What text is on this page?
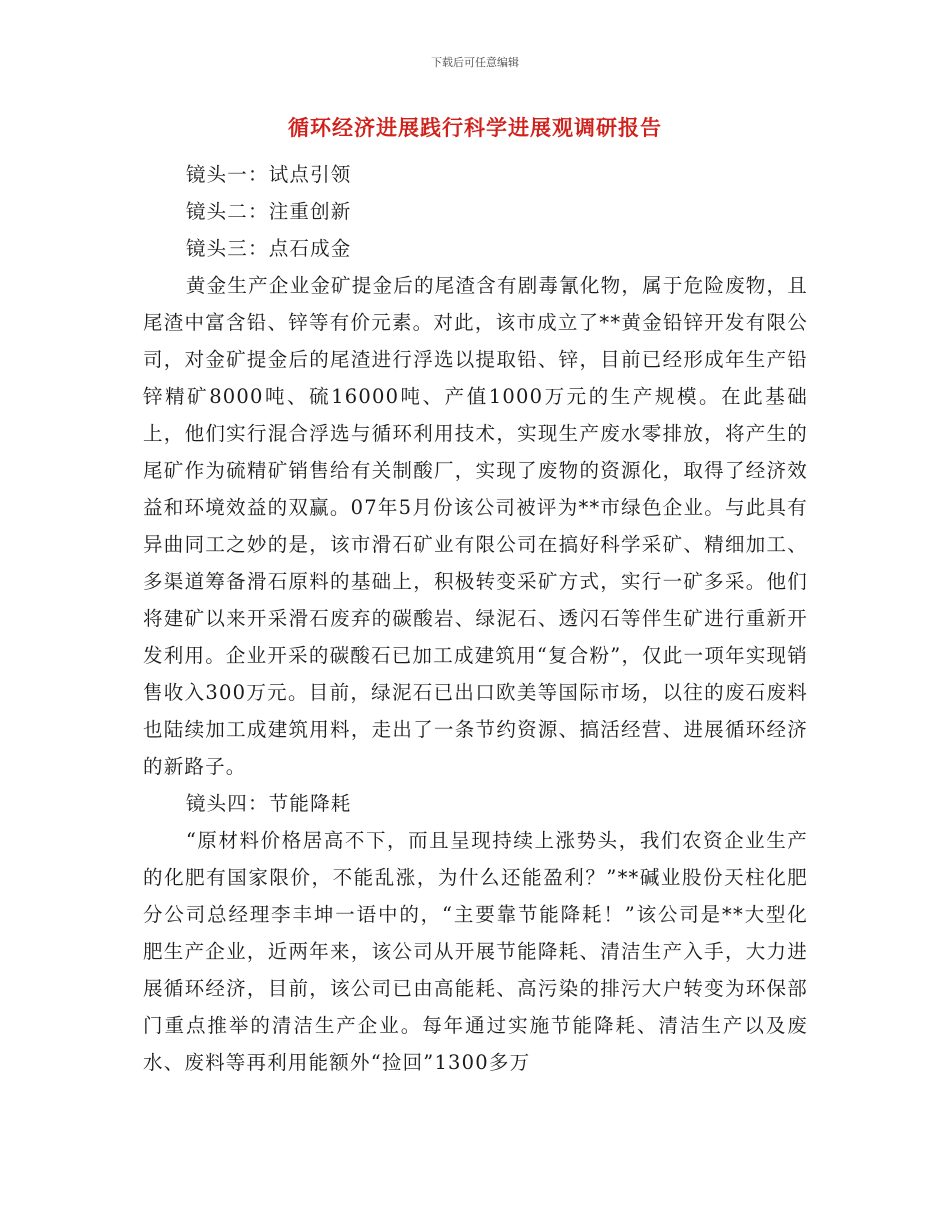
下载后可任意编辑
循环经济进展践行科学进展观调研报告

镜头一：试点引领

镜头二：注重创新

镜头三：点石成金

黄金生产企业金矿提金后的尾渣含有剧毒氰化物，属于危险废物，且尾渣中富含铅、锌等有价元素。对此，该市成立了**黄金铅锌开发有限公司，对金矿提金后的尾渣进行浮选以提取铅、锌，目前已经形成年生产铅锌精矿8000吨、硫16000吨、产值1000万元的生产规模。在此基础上，他们实行混合浮选与循环利用技术，实现生产废水零排放，将产生的尾矿作为硫精矿销售给有关制酸厂，实现了废物的资源化，取得了经济效益和环境效益的双赢。07年5月份该公司被评为**市绿色企业。与此具有异曲同工之妙的是，该市滑石矿业有限公司在搞好科学采矿、精细加工、多渠道筹备滑石原料的基础上，积极转变采矿方式，实行一矿多采。他们将建矿以来开采滑石废弃的碳酸岩、绿泥石、透闪石等伴生矿进行重新开发利用。企业开采的碳酸石已加工成建筑用“复合粉”，仅此一项年实现销售收入300万元。目前，绿泥石已出口欧美等国际市场，以往的废石废料也陆续加工成建筑用料，走出了一条节约资源、搞活经营、进展循环经济的新路子。

镜头四：节能降耗

“原材料价格居高不下，而且呈现持续上涨势头，我们农资企业生产的化肥有国家限价，不能乱涨，为什么还能盈利？”**碱业股份天柱化肥分公司总经理李丰坤一语中的，“主要靠节能降耗！”该公司是**大型化肥生产企业，近两年来，该公司从开展节能降耗、清洁生产入手，大力进展循环经济，目前，该公司已由高能耗、高污染的排污大户转变为环保部门重点推举的清洁生产企业。每年通过实施节能降耗、清洁生产以及废水、废料等再利用能额外“捡回”1300多万
